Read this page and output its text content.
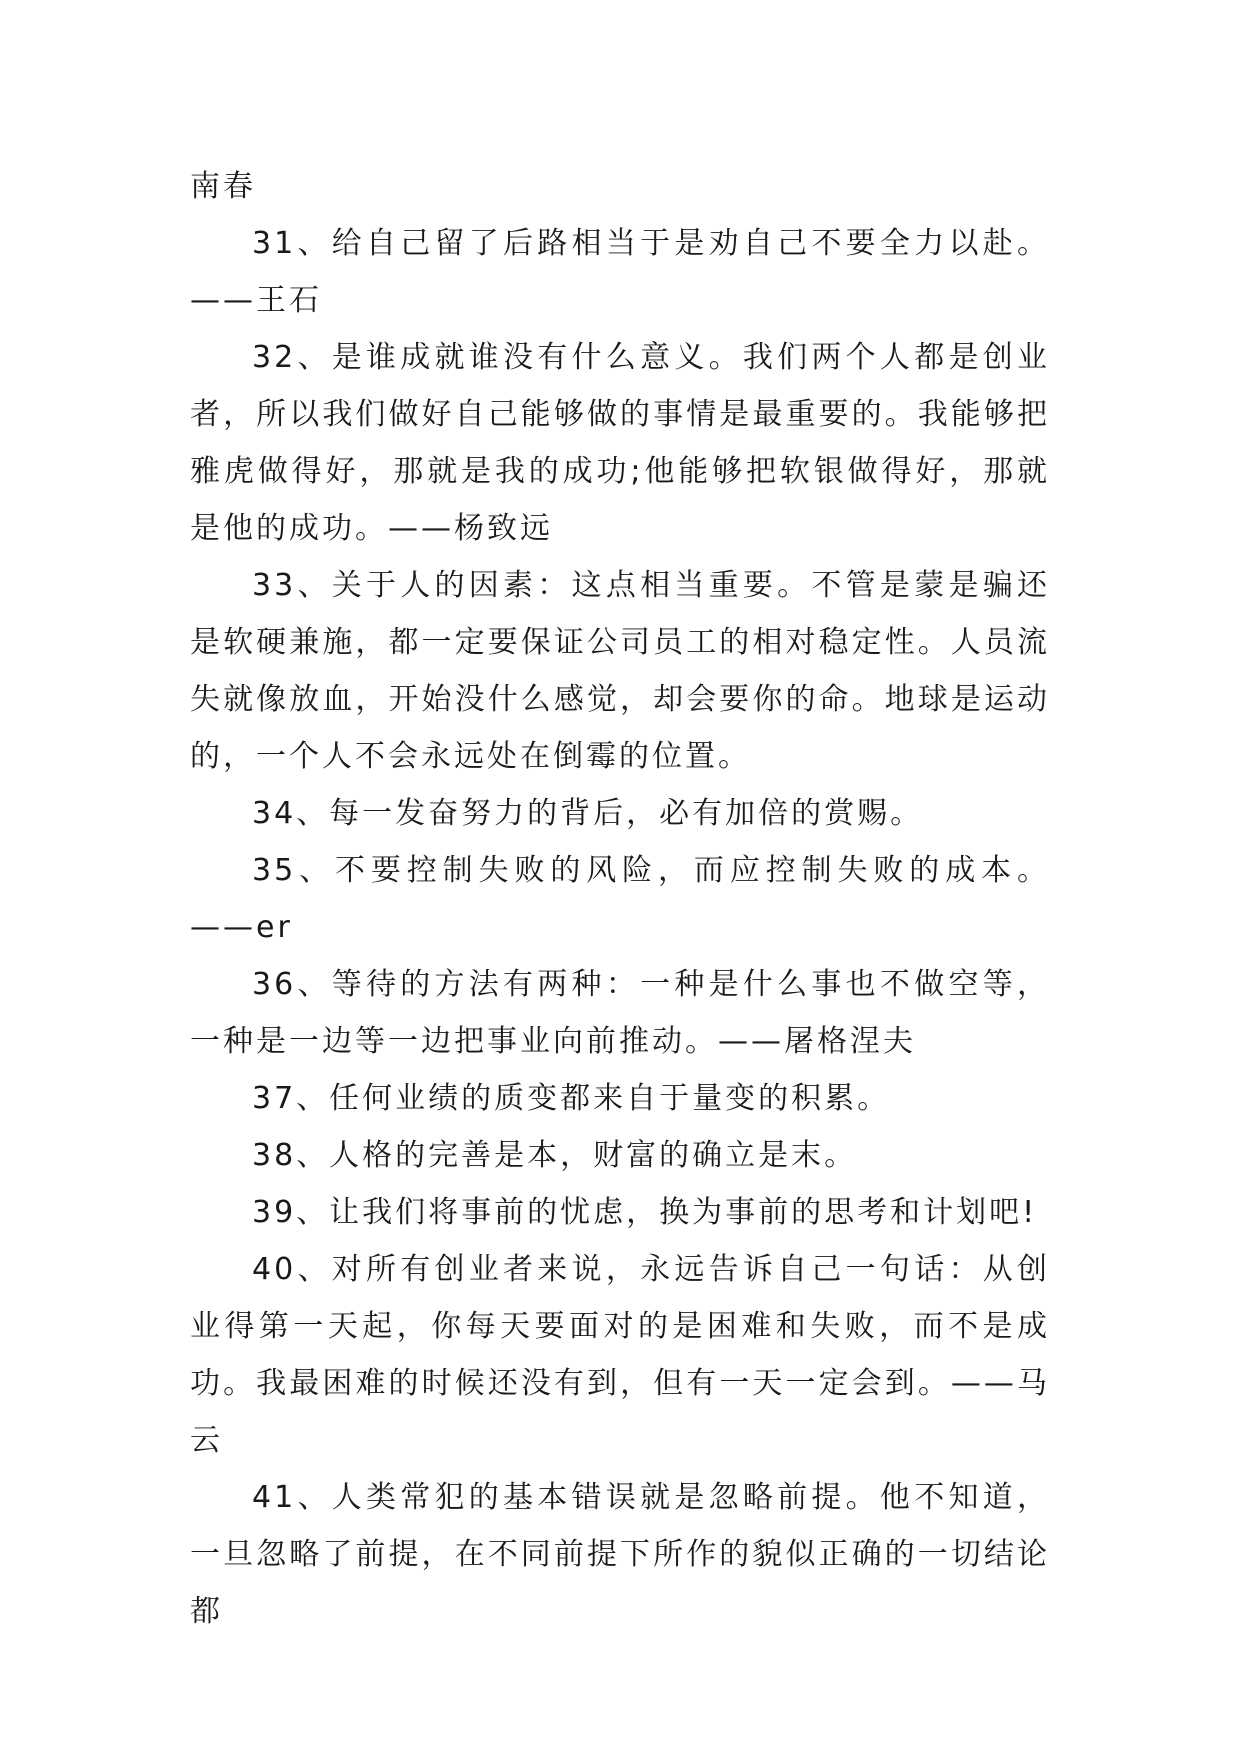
南春

31、给自己留了后路相当于是劝自己不要全力以赴。——王石

32、是谁成就谁没有什么意义。我们两个人都是创业者，所以我们做好自己能够做的事情是最重要的。我能够把雅虎做得好，那就是我的成功;他能够把软银做得好，那就是他的成功。——杨致远

33、关于人的因素：这点相当重要。不管是蒙是骗还是软硬兼施，都一定要保证公司员工的相对稳定性。人员流失就像放血，开始没什么感觉，却会要你的命。地球是运动的，一个人不会永远处在倒霉的位置。

34、每一发奋努力的背后，必有加倍的赏赐。

35、不要控制失败的风险，而应控制失败的成本。——er

36、等待的方法有两种：一种是什么事也不做空等，一种是一边等一边把事业向前推动。——屠格涅夫

37、任何业绩的质变都来自于量变的积累。

38、人格的完善是本，财富的确立是末。

39、让我们将事前的忧虑，换为事前的思考和计划吧!

40、对所有创业者来说，永远告诉自己一句话：从创业得第一天起，你每天要面对的是困难和失败，而不是成功。我最困难的时候还没有到，但有一天一定会到。——马云

41、人类常犯的基本错误就是忽略前提。他不知道，一旦忽略了前提，在不同前提下所作的貌似正确的一切结论都
